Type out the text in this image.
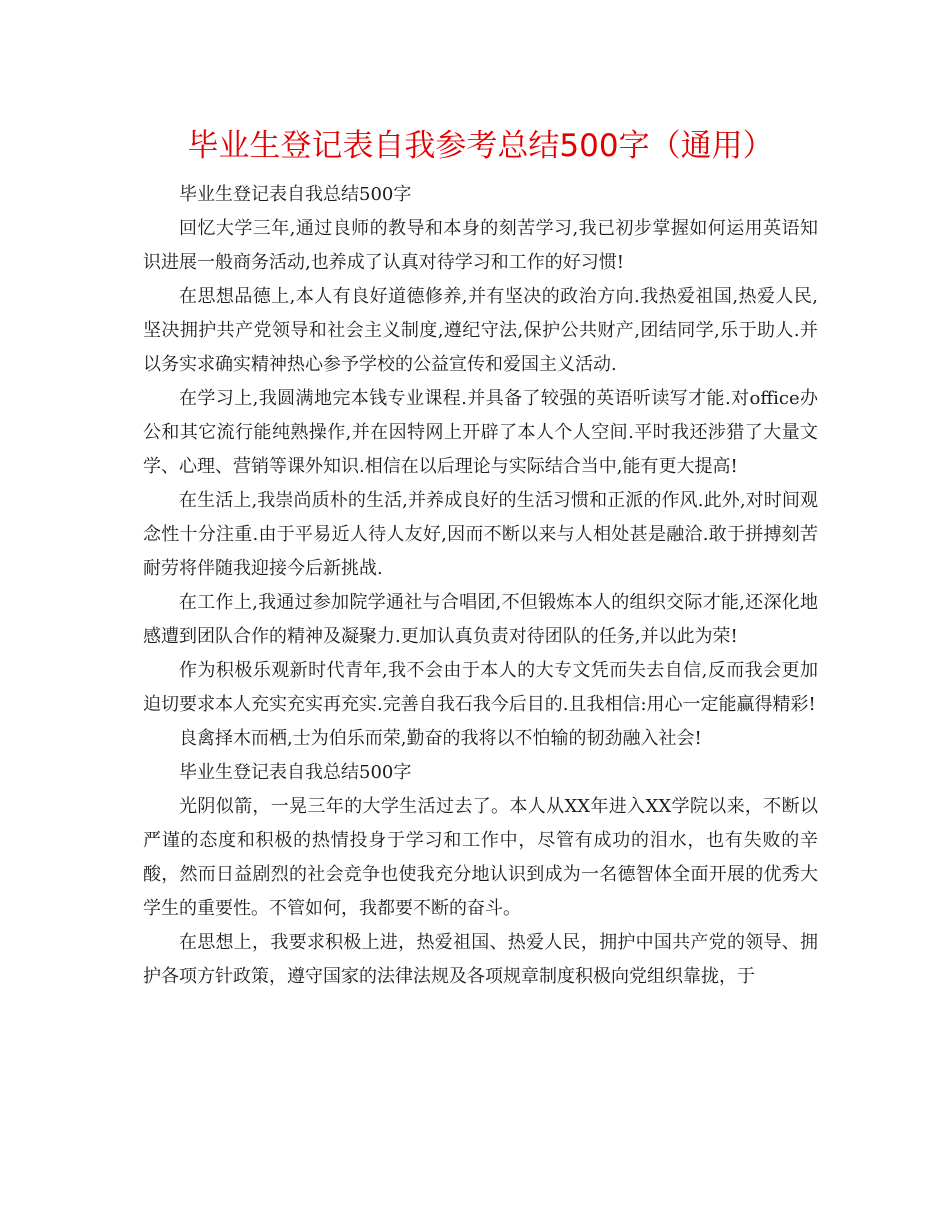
毕业生登记表自我参考总结500字（通用）

毕业生登记表自我总结500字

回忆大学三年,通过良师的教导和本身的刻苦学习,我已初步掌握如何运用英语知识进展一般商务活动,也养成了认真对待学习和工作的好习惯!

在思想品德上,本人有良好道德修养,并有坚决的政治方向.我热爱祖国,热爱人民,坚决拥护共产党领导和社会主义制度,遵纪守法,保护公共财产,团结同学,乐于助人.并以务实求确实精神热心参予学校的公益宣传和爱国主义活动.

在学习上,我圆满地完本钱专业课程.并具备了较强的英语听读写才能.对office办公和其它流行能纯熟操作,并在因特网上开辟了本人个人空间.平时我还涉猎了大量文学、心理、营销等课外知识.相信在以后理论与实际结合当中,能有更大提高!

在生活上,我崇尚质朴的生活,并养成良好的生活习惯和正派的作风.此外,对时间观念性十分注重.由于平易近人待人友好,因而不断以来与人相处甚是融洽.敢于拼搏刻苦耐劳将伴随我迎接今后新挑战.

在工作上,我通过参加院学通社与合唱团,不但锻炼本人的组织交际才能,还深化地感遭到团队合作的精神及凝聚力.更加认真负责对待团队的任务,并以此为荣!

作为积极乐观新时代青年,我不会由于本人的大专文凭而失去自信,反而我会更加迫切要求本人充实充实再充实.完善自我石我今后目的.且我相信:用心一定能赢得精彩!

良禽择木而栖,士为伯乐而荣,勤奋的我将以不怕输的韧劲融入社会!

毕业生登记表自我总结500字

光阴似箭，一晃三年的大学生活过去了。本人从XX年进入XX学院以来，不断以严谨的态度和积极的热情投身于学习和工作中，尽管有成功的泪水，也有失败的辛酸，然而日益剧烈的社会竞争也使我充分地认识到成为一名德智体全面开展的优秀大学生的重要性。不管如何，我都要不断的奋斗。

在思想上，我要求积极上进，热爱祖国、热爱人民，拥护中国共产党的领导、拥护各项方针政策，遵守国家的法律法规及各项规章制度积极向党组织靠拢，于
